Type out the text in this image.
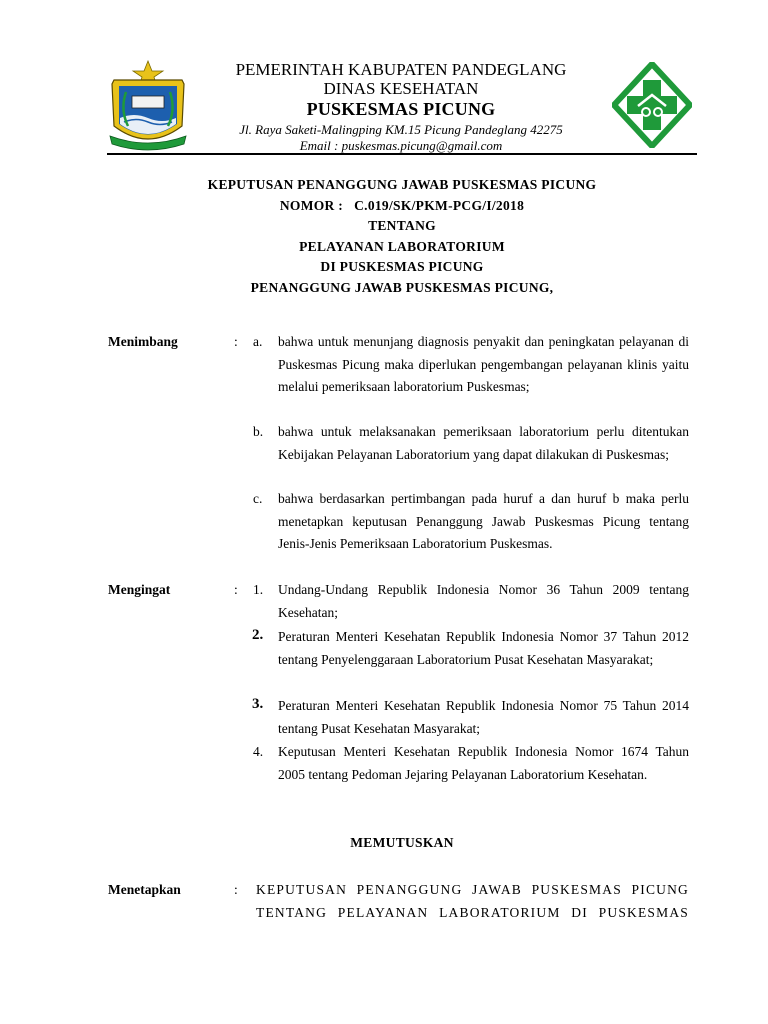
PEMERINTAH KABUPATEN PANDEGLANG
DINAS KESEHATAN
PUSKESMAS PICUNG
Jl. Raya Saketi-Malingping KM.15 Picung Pandeglang 42275
Email : puskesmas.picung@gmail.com
KEPUTUSAN PENANGGUNG JAWAB PUSKESMAS PICUNG
NOMOR :   C.019/SK/PKM-PCG/I/2018
TENTANG
PELAYANAN LABORATORIUM
DI PUSKESMAS PICUNG
PENANGGUNG JAWAB PUSKESMAS PICUNG,
Menimbang	: a. bahwa untuk menunjang diagnosis penyakit dan peningkatan pelayanan di Puskesmas Picung maka diperlukan pengembangan pelayanan klinis yaitu melalui pemeriksaan laboratorium Puskesmas;
b. bahwa untuk melaksanakan pemeriksaan laboratorium perlu ditentukan Kebijakan Pelayanan Laboratorium yang dapat dilakukan di Puskesmas;
c. bahwa berdasarkan pertimbangan pada huruf a dan huruf b maka perlu menetapkan keputusan Penanggung Jawab Puskesmas Picung tentang Jenis-Jenis Pemeriksaan Laboratorium Puskesmas.
Mengingat	: 1. Undang-Undang Republik Indonesia Nomor 36 Tahun 2009 tentang Kesehatan;
2. Peraturan Menteri Kesehatan Republik Indonesia Nomor 37 Tahun 2012 tentang Penyelenggaraan Laboratorium Pusat Kesehatan Masyarakat;
3. Peraturan Menteri Kesehatan Republik Indonesia Nomor 75 Tahun 2014 tentang Pusat Kesehatan Masyarakat;
4. Keputusan Menteri Kesehatan Republik Indonesia Nomor 1674 Tahun 2005 tentang Pedoman Jejaring Pelayanan Laboratorium Kesehatan.
MEMUTUSKAN
Menetapkan	: KEPUTUSAN PENANGGUNG JAWAB PUSKESMAS PICUNG
TENTANG PELAYANAN LABORATORIUM DI PUSKESMAS
